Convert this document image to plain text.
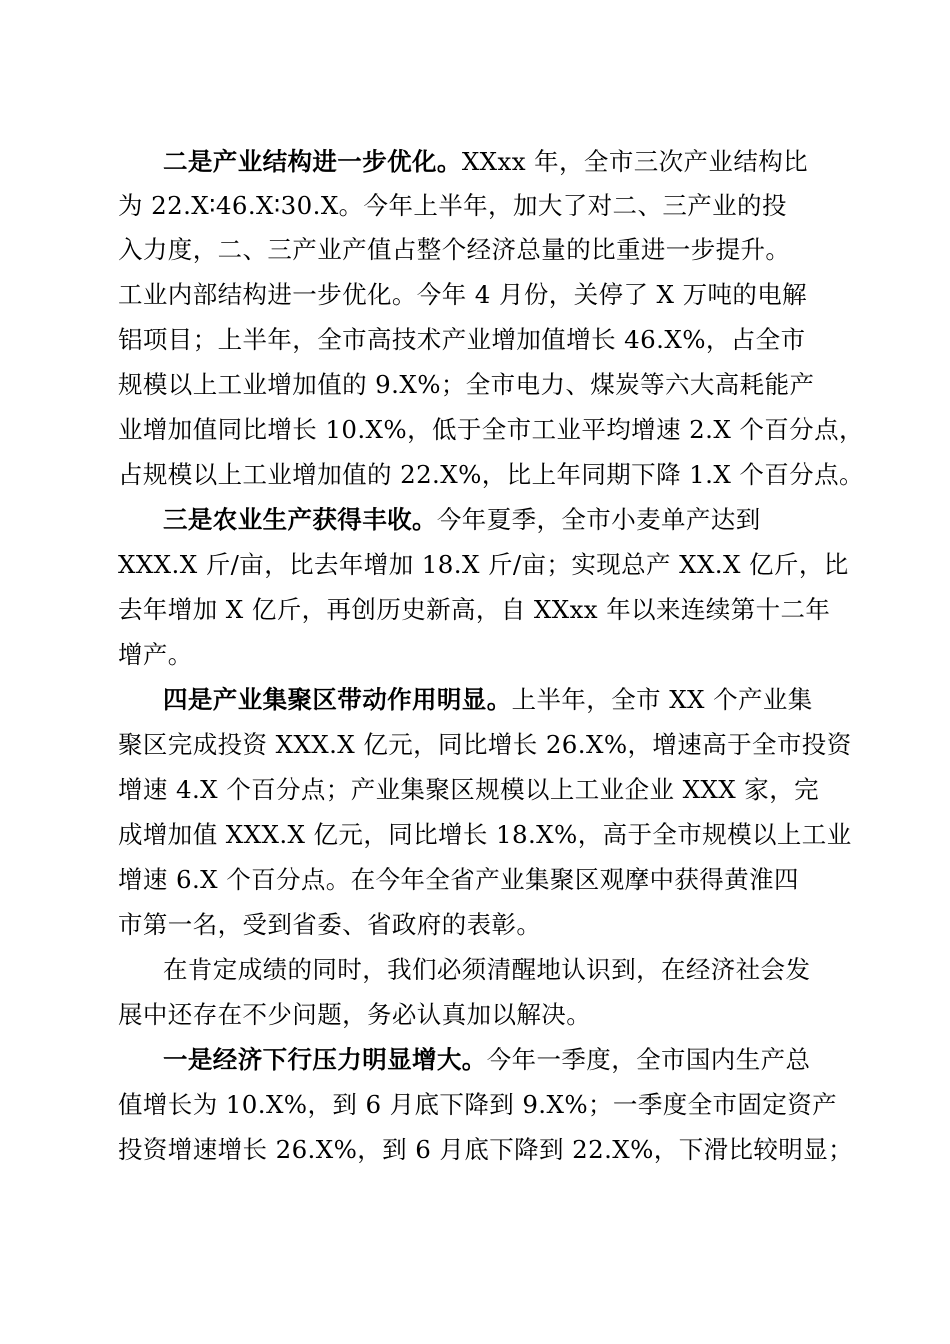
二是产业结构进一步优化。XXxx 年，全市三次产业结构比

为 22.X∶46.X∶30.X。今年上半年，加大了对二、三产业的投

入力度，二、三产业产值占整个经济总量的比重进一步提升。

工业内部结构进一步优化。今年 4 月份，关停了 X 万吨的电解

铝项目；上半年，全市高技术产业增加值增长 46.X%，占全市

规模以上工业增加值的 9.X%；全市电力、煤炭等六大高耗能产

业增加值同比增长 10.X%，低于全市工业平均增速 2.X 个百分点，

占规模以上工业增加值的 22.X%，比上年同期下降 1.X 个百分点。

三是农业生产获得丰收。今年夏季，全市小麦单产达到

XXX.X 斤/亩，比去年增加 18.X 斤/亩；实现总产 XX.X 亿斤，比

去年增加 X 亿斤，再创历史新高，自 XXxx 年以来连续第十二年

增产。

四是产业集聚区带动作用明显。上半年，全市 XX 个产业集

聚区完成投资 XXX.X 亿元，同比增长 26.X%，增速高于全市投资

增速 4.X 个百分点；产业集聚区规模以上工业企业 XXX 家，完

成增加值 XXX.X 亿元，同比增长 18.X%，高于全市规模以上工业

增速 6.X 个百分点。在今年全省产业集聚区观摩中获得黄淮四

市第一名，受到省委、省政府的表彰。

在肯定成绩的同时，我们必须清醒地认识到，在经济社会发

展中还存在不少问题，务必认真加以解决。

一是经济下行压力明显增大。今年一季度，全市国内生产总

值增长为 10.X%，到 6 月底下降到 9.X%；一季度全市固定资产

投资增速增长 26.X%，到 6 月底下降到 22.X%，下滑比较明显；
